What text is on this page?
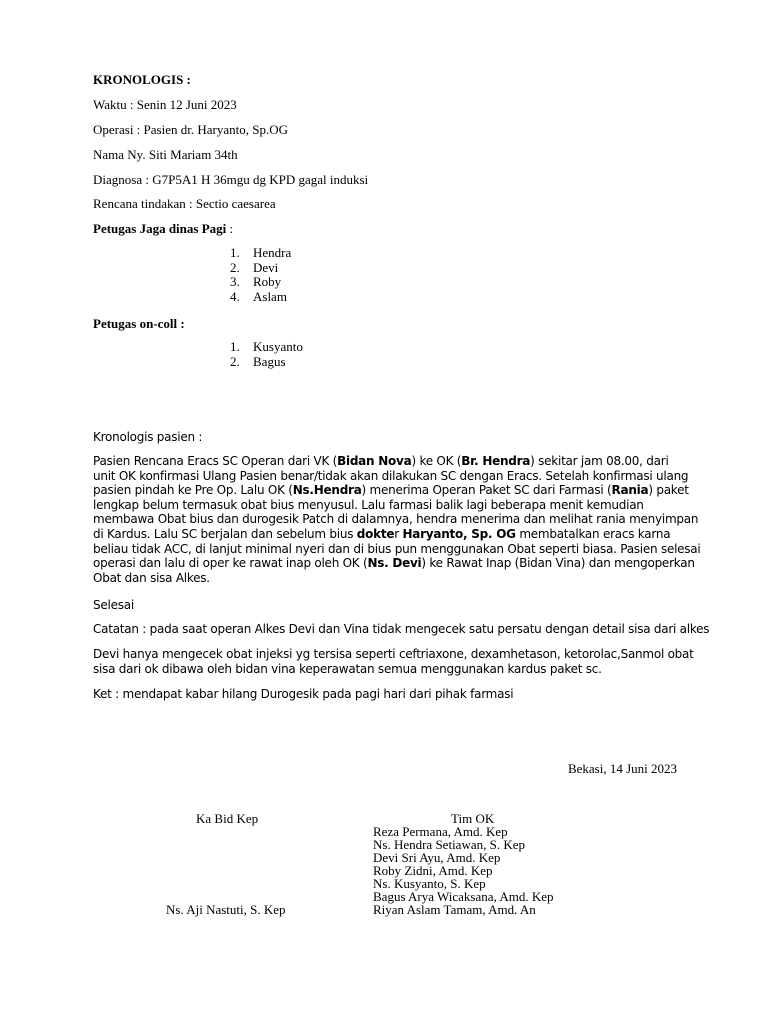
KRONOLOGIS :
Waktu : Senin 12 Juni 2023
Operasi : Pasien dr. Haryanto, Sp.OG
Nama Ny. Siti Mariam 34th
Diagnosa : G7P5A1 H 36mgu dg KPD gagal induksi
Rencana tindakan : Sectio caesarea
Petugas Jaga dinas Pagi :
1. Hendra
2. Devi
3. Roby
4. Aslam
Petugas on-coll :
1. Kusyanto
2. Bagus
Kronologis pasien :
Pasien Rencana Eracs SC Operan dari VK (Bidan Nova) ke OK (Br. Hendra) sekitar jam 08.00, dari
unit OK konfirmasi Ulang Pasien benar/tidak akan dilakukan SC dengan Eracs. Setelah konfirmasi ulang
pasien pindah ke Pre Op. Lalu OK (Ns.Hendra) menerima Operan Paket SC dari Farmasi (Rania) paket
lengkap belum termasuk obat bius menyusul. Lalu farmasi balik lagi beberapa menit kemudian
membawa Obat bius dan durogesik Patch di dalamnya, hendra menerima dan melihat rania menyimpan
di Kardus. Lalu SC berjalan dan sebelum bius dokter Haryanto, Sp. OG membatalkan eracs karna
beliau tidak ACC, di lanjut minimal nyeri dan di bius pun menggunakan Obat seperti biasa. Pasien selesai
operasi dan lalu di oper ke rawat inap oleh OK (Ns. Devi) ke Rawat Inap (Bidan Vina) dan mengoperkan
Obat dan sisa Alkes.
Selesai
Catatan : pada saat operan Alkes Devi dan Vina tidak mengecek satu persatu dengan detail sisa dari alkes
Devi hanya mengecek obat injeksi yg tersisa seperti ceftriaxone, dexamhetason, ketorolac,Sanmol obat
sisa dari ok dibawa oleh bidan vina keperawatan semua menggunakan kardus paket sc.
Ket : mendapat kabar hilang Durogesik pada pagi hari dari pihak farmasi
Bekasi, 14 Juni 2023
Ka Bid Kep
Ns. Aji Nastuti, S. Kep
Tim OK
Reza Permana, Amd. Kep
Ns. Hendra Setiawan, S. Kep
Devi Sri Ayu, Amd. Kep
Roby Zidni, Amd. Kep
Ns. Kusyanto, S. Kep
Bagus Arya Wicaksana, Amd. Kep
Riyan Aslam Tamam, Amd. An
